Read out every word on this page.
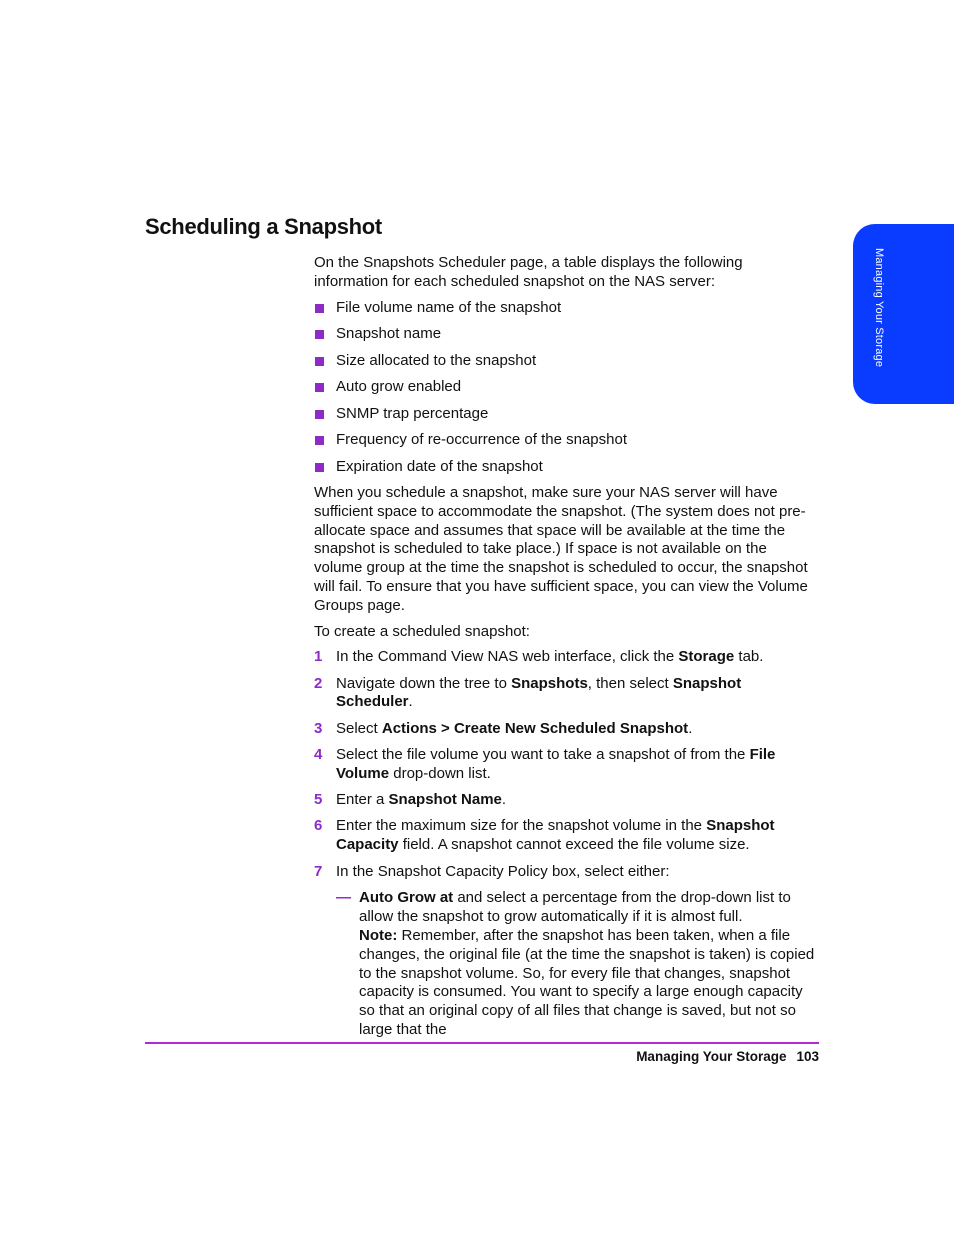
Scheduling a Snapshot
Managing Your Storage

On the Snapshots Scheduler page, a table displays the following information for each scheduled snapshot on the NAS server:

File volume name of the snapshot
Snapshot name
Size allocated to the snapshot
Auto grow enabled
SNMP trap percentage
Frequency of re-occurrence of the snapshot
Expiration date of the snapshot

When you schedule a snapshot, make sure your NAS server will have sufficient space to accommodate the snapshot. (The system does not pre-allocate space and assumes that space will be available at the time the snapshot is scheduled to take place.) If space is not available on the volume group at the time the snapshot is scheduled to occur, the snapshot will fail. To ensure that you have sufficient space, you can view the Volume Groups page.

To create a scheduled snapshot:

1 In the Command View NAS web interface, click the Storage tab.
2 Navigate down the tree to Snapshots, then select Snapshot Scheduler.
3 Select Actions > Create New Scheduled Snapshot.
4 Select the file volume you want to take a snapshot of from the File Volume drop-down list.
5 Enter a Snapshot Name.
6 Enter the maximum size for the snapshot volume in the Snapshot Capacity field. A snapshot cannot exceed the file volume size.
7 In the Snapshot Capacity Policy box, select either:
— Auto Grow at and select a percentage from the drop-down list to allow the snapshot to grow automatically if it is almost full.
Note: Remember, after the snapshot has been taken, when a file changes, the original file (at the time the snapshot is taken) is copied to the snapshot volume. So, for every file that changes, snapshot capacity is consumed. You want to specify a large enough capacity so that an original copy of all files that change is saved, but not so large that the
Managing Your Storage 103
